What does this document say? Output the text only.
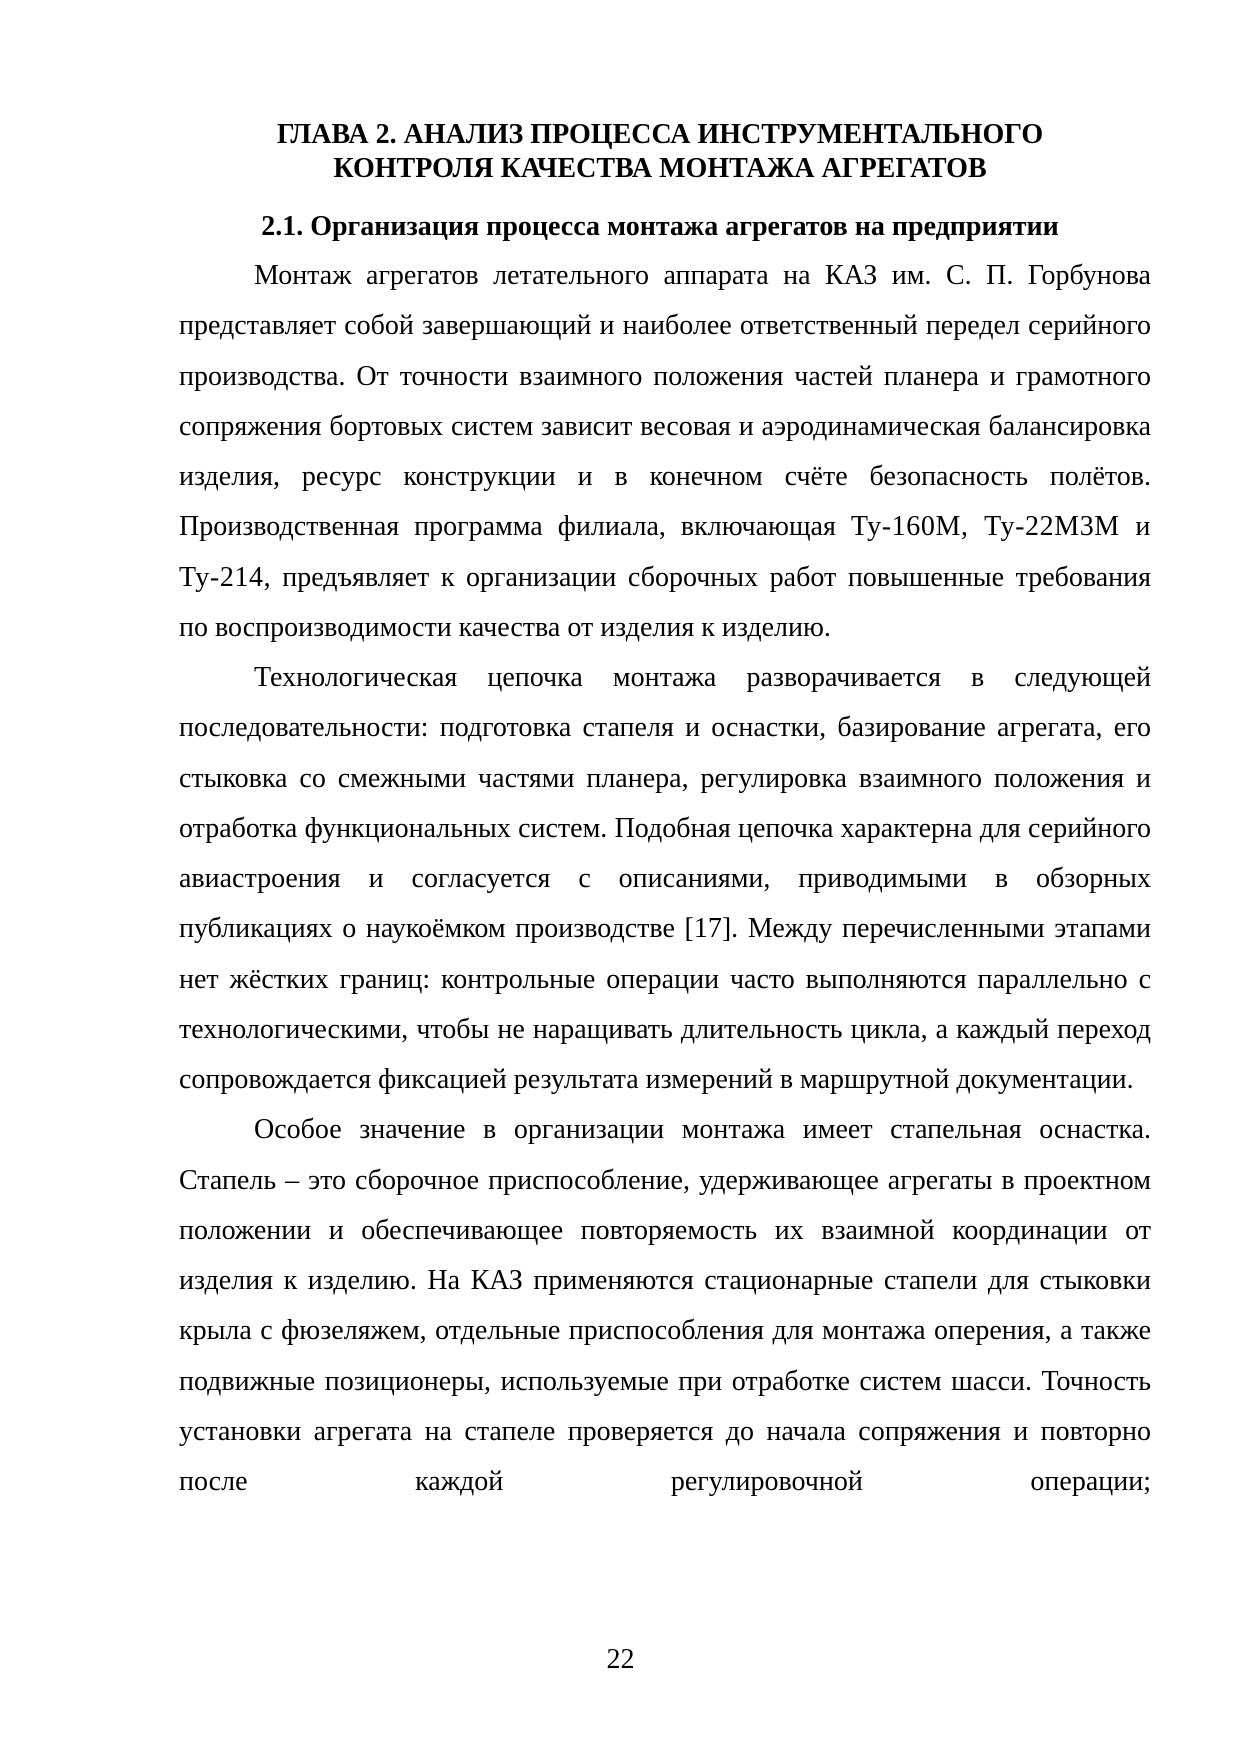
ГЛАВА 2. АНАЛИЗ ПРОЦЕССА ИНСТРУМЕНТАЛЬНОГО
КОНТРОЛЯ КАЧЕСТВА МОНТАЖА АГРЕГАТОВ
2.1. Организация процесса монтажа агрегатов на предприятии

Монтаж агрегатов летательного аппарата на КАЗ им. С. П. Горбунова представляет собой завершающий и наиболее ответственный передел серийного производства. От точности взаимного положения частей планера и грамотного сопряжения бортовых систем зависит весовая и аэродинамическая балансировка изделия, ресурс конструкции и в конечном счёте безопасность полётов. Производственная программа филиала, включающая Ту-160М, Ту-22М3М и Ту-214, предъявляет к организации сборочных работ повышенные требования по воспроизводимости качества от изделия к изделию.

Технологическая цепочка монтажа разворачивается в следующей последовательности: подготовка стапеля и оснастки, базирование агрегата, его стыковка со смежными частями планера, регулировка взаимного положения и отработка функциональных систем. Подобная цепочка характерна для серийного авиастроения и согласуется с описаниями, приводимыми в обзорных публикациях о наукоёмком производстве [17]. Между перечисленными этапами нет жёстких границ: контрольные операции часто выполняются параллельно с технологическими, чтобы не наращивать длительность цикла, а каждый переход сопровождается фиксацией результата измерений в маршрутной документации.

Особое значение в организации монтажа имеет стапельная оснастка. Стапель – это сборочное приспособление, удерживающее агрегаты в проектном положении и обеспечивающее повторяемость их взаимной координации от изделия к изделию. На КАЗ применяются стационарные стапели для стыковки крыла с фюзеляжем, отдельные приспособления для монтажа оперения, а также подвижные позиционеры, используемые при отработке систем шасси. Точность установки агрегата на стапеле проверяется до начала сопряжения и повторно после каждой регулировочной операции;

22
